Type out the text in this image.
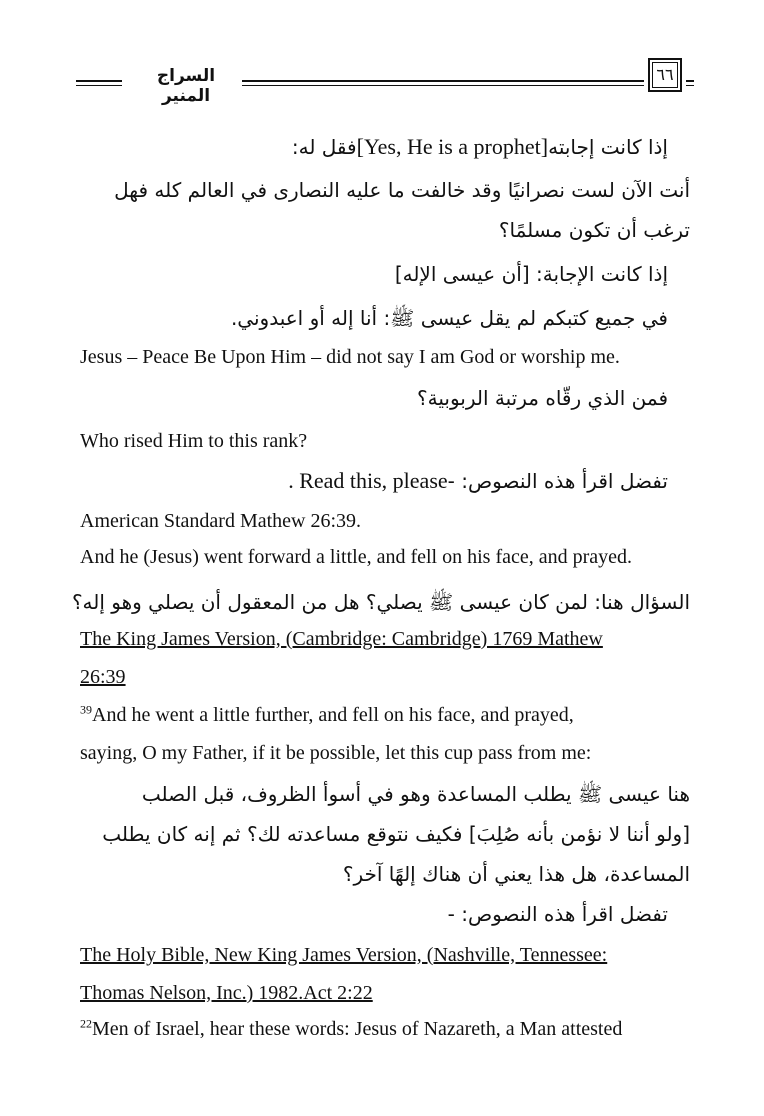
السراج المنير
٦٦
إذا كانت إجابته[Yes, He is a prophet]فقل له:
أنت الآن لست نصرانيًا وقد خالفت ما عليه النصارى في العالم كله فهل
ترغب أن تكون مسلمًا؟
إذا كانت الإجابة: [أن عيسى الإله]
في جميع كتبكم لم يقل عيسى ﷺ: أنا إله أو اعبدوني.
Jesus – Peace Be Upon Him – did not say I am God or worship me.
فمن الذي رقّاه مرتبة الربوبية؟
Who rised Him to this rank?
تفضل اقرأ هذه النصوص: -. Read this, please
American Standard Mathew 26:39.
And he (Jesus) went forward a little, and fell on his face, and prayed.
السؤال هنا: لمن كان عيسى ﷺ يصلي؟ هل من المعقول أن يصلي وهو إله؟
The King James Version, (Cambridge: Cambridge) 1769 Mathew
26:39
$^{39}$And he went a little further, and fell on his face, and prayed,
saying, O my Father, if it be possible, let this cup pass from me:
هنا عيسى ﷺ يطلب المساعدة وهو في أسوأ الظروف، قبل الصلب
[ولو أننا لا نؤمن بأنه صُلِبَ] فكيف نتوقع مساعدته لك؟ ثم إنه كان يطلب
المساعدة، هل هذا يعني أن هناك إلهًا آخر؟
تفضل اقرأ هذه النصوص: -
The Holy Bible, New King James Version, (Nashville, Tennessee:
Thomas Nelson, Inc.) 1982.Act 2:22
$^{22}$Men of Israel, hear these words: Jesus of Nazareth, a Man attested
